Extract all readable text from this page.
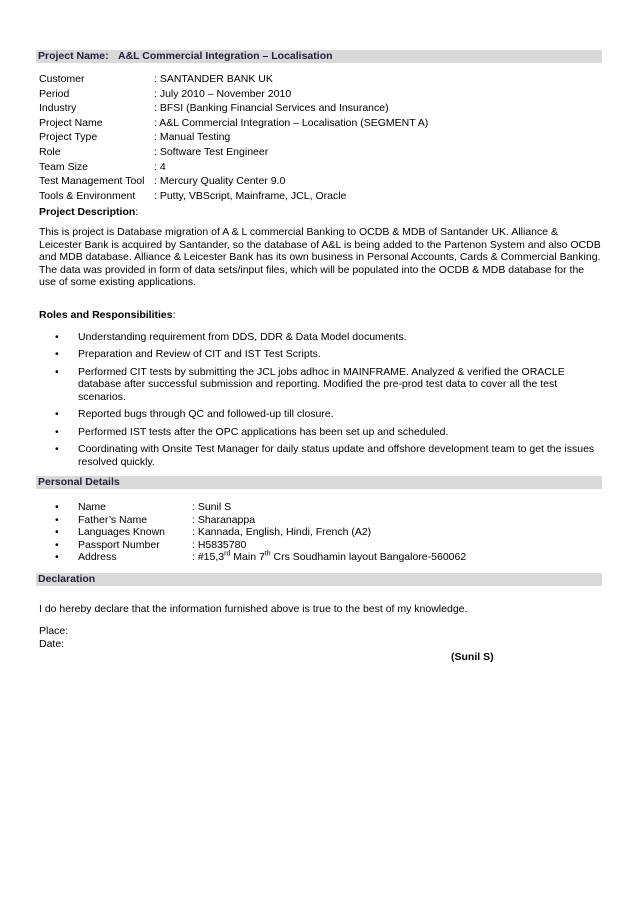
Project Name: A&L Commercial Integration – Localisation
Customer	: SANTANDER BANK UK
Period	: July 2010 – November 2010
Industry	: BFSI (Banking Financial Services and Insurance)
Project Name	: A&L Commercial Integration – Localisation (SEGMENT A)
Project Type	: Manual Testing
Role	: Software Test Engineer
Team Size	: 4
Test Management Tool : Mercury Quality Center 9.0
Tools & Environment : Putty, VBScript, Mainframe, JCL, Oracle
Project Description:
This is project is Database migration of A & L commercial Banking to OCDB & MDB of Santander UK. Alliance & Leicester Bank is acquired by Santander, so the database of A&L is being added to the Partenon System and also OCDB and MDB database. Alliance & Leicester Bank has its own business in Personal Accounts, Cards & Commercial Banking. The data was provided in form of data sets/input files, which will be populated into the OCDB & MDB database for the use of some existing applications.
Roles and Responsibilities:
• Understanding requirement from DDS, DDR & Data Model documents.
• Preparation and Review of CIT and IST Test Scripts.
• Performed CIT tests by submitting the JCL jobs adhoc in MAINFRAME. Analyzed & verified the ORACLE database after successful submission and reporting. Modified the pre-prod test data to cover all the test scenarios.
• Reported bugs through QC and followed-up till closure.
• Performed IST tests after the OPC applications has been set up and scheduled.
• Coordinating with Onsite Test Manager for daily status update and offshore development team to get the issues resolved quickly.
Personal Details
• Name	: Sunil S
• Father’s Name	: Sharanappa
• Languages Known	: Kannada, English, Hindi, French (A2)
• Passport Number	: H5835780
• Address	: #15,3rd Main 7th Crs Soudhamin layout Bangalore-560062
Declaration
I do hereby declare that the information furnished above is true to the best of my knowledge.
Place:
Date:
(Sunil S)
